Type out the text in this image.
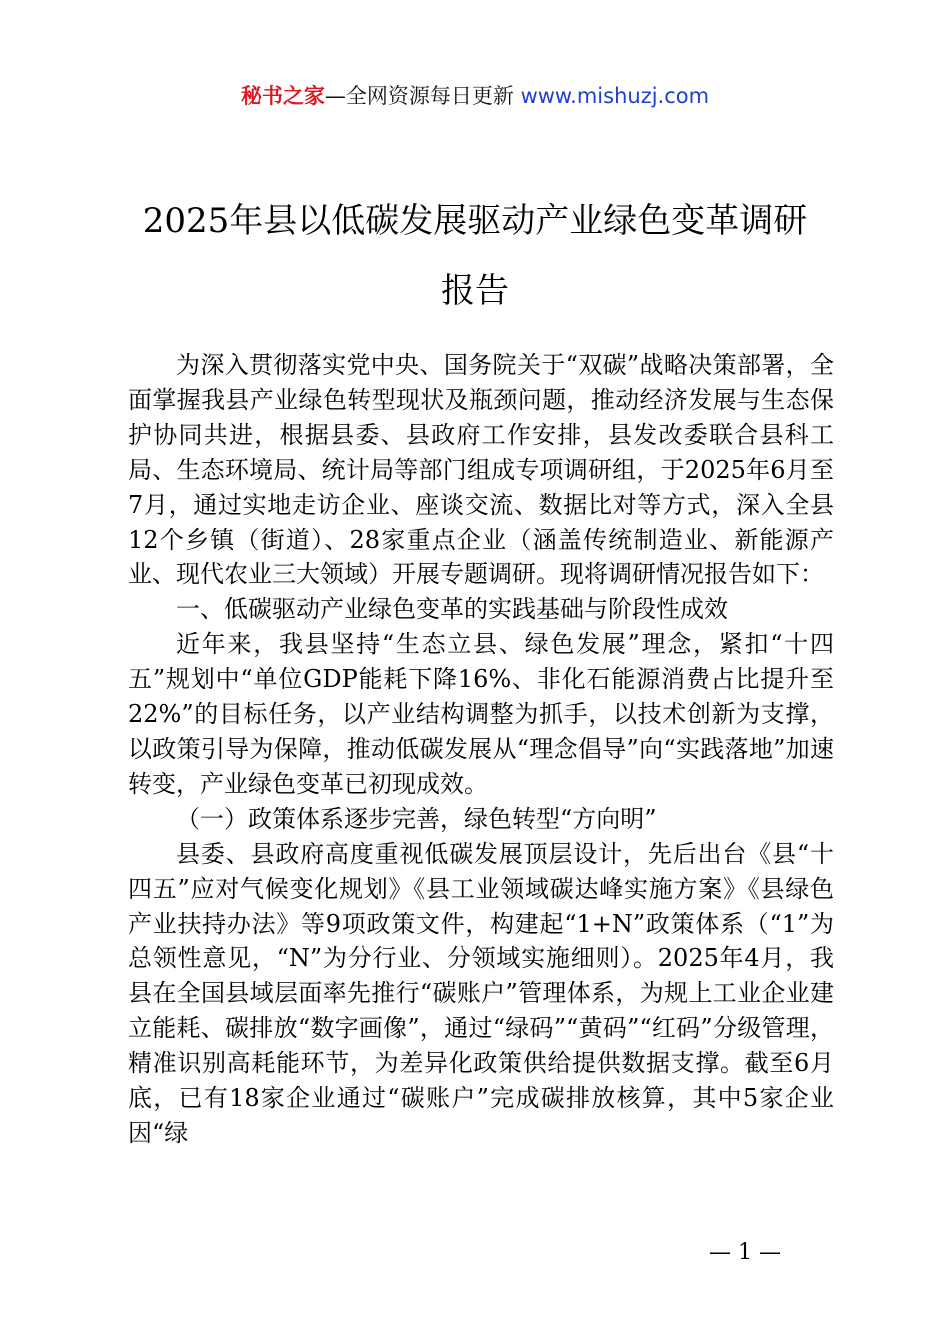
秘书之家—全网资源每日更新 www.mishuzj.com
2025年县以低碳发展驱动产业绿色变革调研
报告

为深入贯彻落实党中央、国务院关于“双碳”战略决策部署，全面掌握我县产业绿色转型现状及瓶颈问题，推动经济发展与生态保护协同共进，根据县委、县政府工作安排，县发改委联合县科工局、生态环境局、统计局等部门组成专项调研组，于2025年6月至7月，通过实地走访企业、座谈交流、数据比对等方式，深入全县12个乡镇（街道）、28家重点企业（涵盖传统制造业、新能源产业、现代农业三大领域）开展专题调研。现将调研情况报告如下：

一、低碳驱动产业绿色变革的实践基础与阶段性成效

近年来，我县坚持“生态立县、绿色发展”理念，紧扣“十四五”规划中“单位GDP能耗下降16%、非化石能源消费占比提升至22%”的目标任务，以产业结构调整为抓手，以技术创新为支撑，以政策引导为保障，推动低碳发展从“理念倡导”向“实践落地”加速转变，产业绿色变革已初现成效。

（一）政策体系逐步完善，绿色转型“方向明”

县委、县政府高度重视低碳发展顶层设计，先后出台《县“十四五”应对气候变化规划》《县工业领域碳达峰实施方案》《县绿色产业扶持办法》等9项政策文件，构建起“1+N”政策体系（“1”为总领性意见，“N”为分行业、分领域实施细则）。2025年4月，我县在全国县域层面率先推行“碳账户”管理体系，为规上工业企业建立能耗、碳排放“数字画像”，通过“绿码”“黄码”“红码”分级管理，精准识别高耗能环节，为差异化政策供给提供数据支撑。截至6月底，已有18家企业通过“碳账户”完成碳排放核算，其中5家企业因“绿

— 1 —
